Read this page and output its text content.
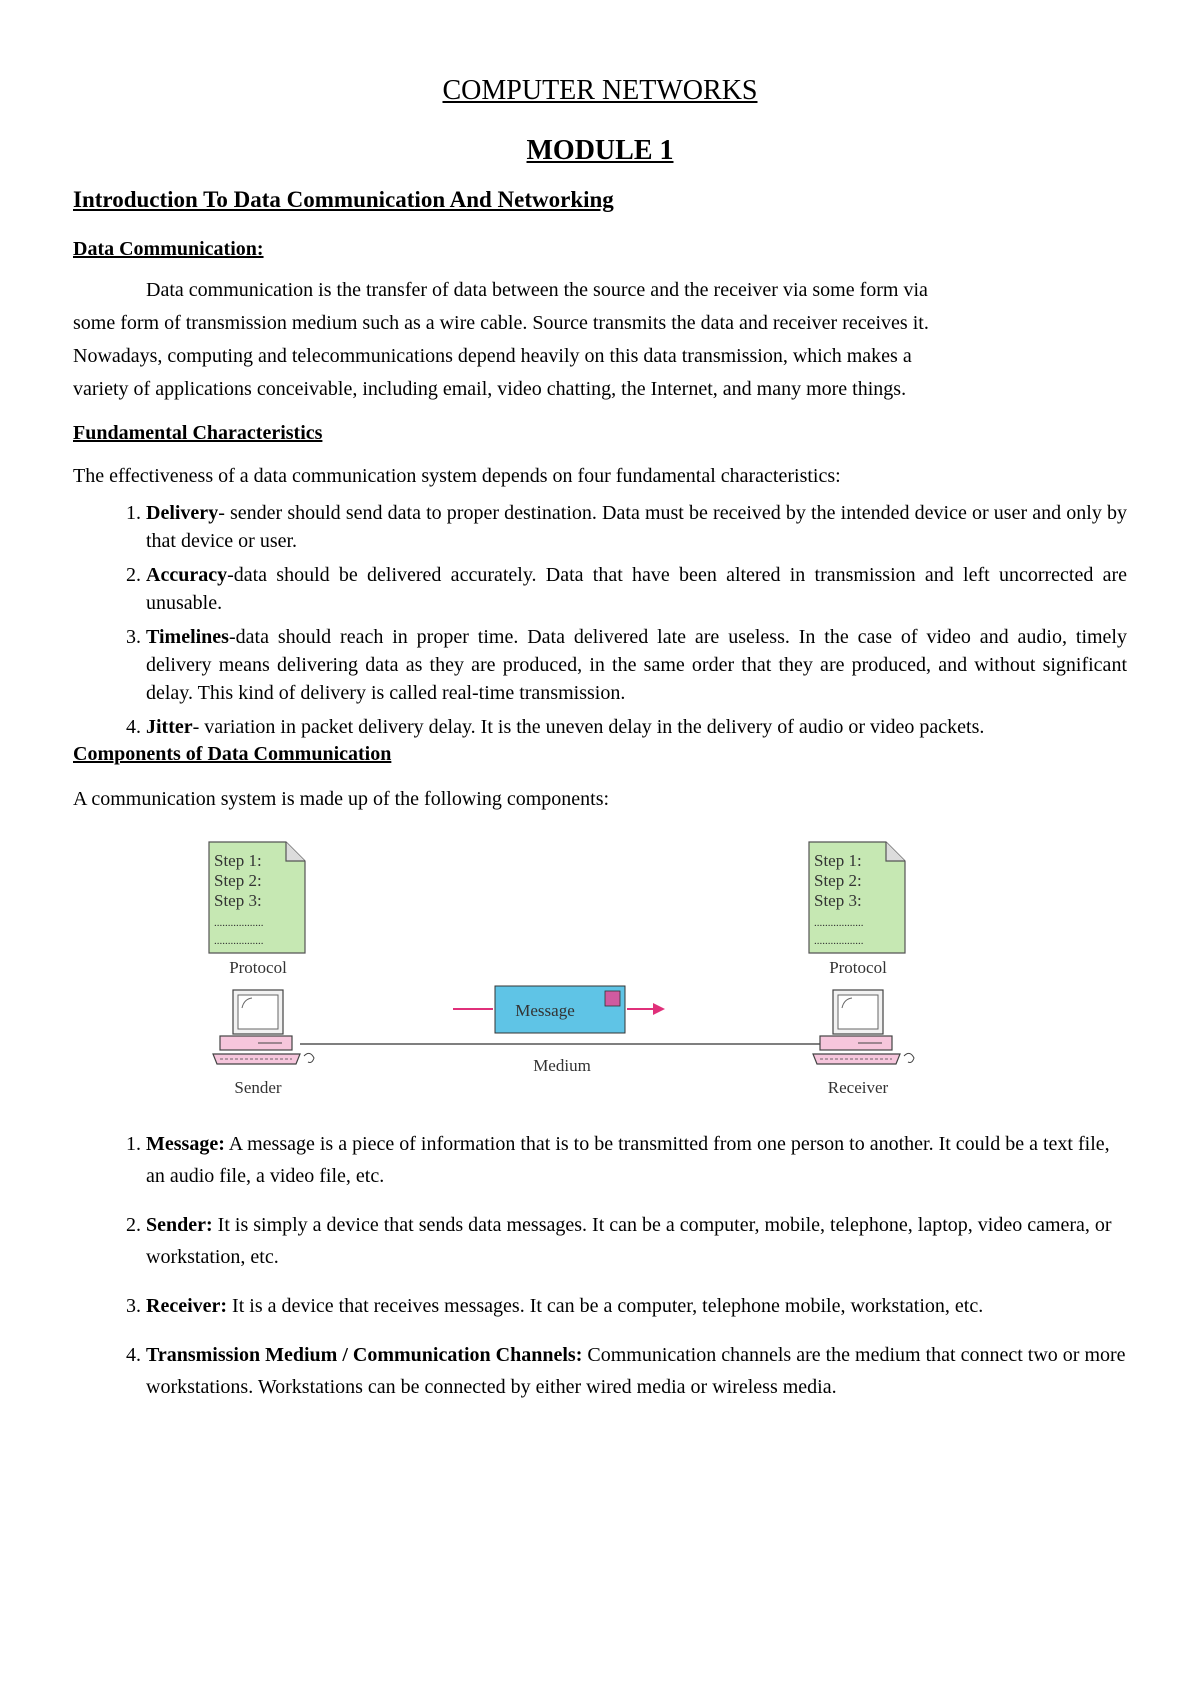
COMPUTER NETWORKS
MODULE 1
Introduction To Data Communication And Networking
Data Communication:

Data communication is the transfer of data between the source and the receiver via some form via

some form of transmission medium such as a wire cable. Source transmits the data and receiver receives it.

Nowadays, computing and telecommunications depend heavily on this data transmission, which makes a

variety of applications conceivable, including email, video chatting, the Internet, and many more things.

Fundamental Characteristics

The effectiveness of a data communication system depends on four fundamental characteristics:

1. Delivery- sender should send data to proper destination. Data must be received by the intended device or user and only by that device or user.
2. Accuracy-data should be delivered accurately. Data that have been altered in transmission and left uncorrected are unusable.
3. Timelines-data should reach in proper time. Data delivered late are useless. In the case of video and audio, timely delivery means delivering data as they are produced, in the same order that they are produced, and without significant delay. This kind of delivery is called real-time transmission.
4. Jitter- variation in packet delivery delay. It is the uneven delay in the delivery of audio or video packets.
Components of Data Communication

A communication system is made up of the following components:

Step 1:
Step 2:
Step 3:
..................
..................
Protocol
Step 1:
Step 2:
Step 3:
..................
..................
Protocol
Medium
Message
Sender	Receiver
1. Message: A message is a piece of information that is to be transmitted from one person to another. It could be a text file, an audio file, a video file, etc.
2. Sender: It is simply a device that sends data messages. It can be a computer, mobile, telephone, laptop, video camera, or workstation, etc.
3. Receiver: It is a device that receives messages. It can be a computer, telephone mobile, workstation, etc.
4. Transmission Medium / Communication Channels: Communication channels are the medium that connect two or more workstations. Workstations can be connected by either wired media or wireless media.
